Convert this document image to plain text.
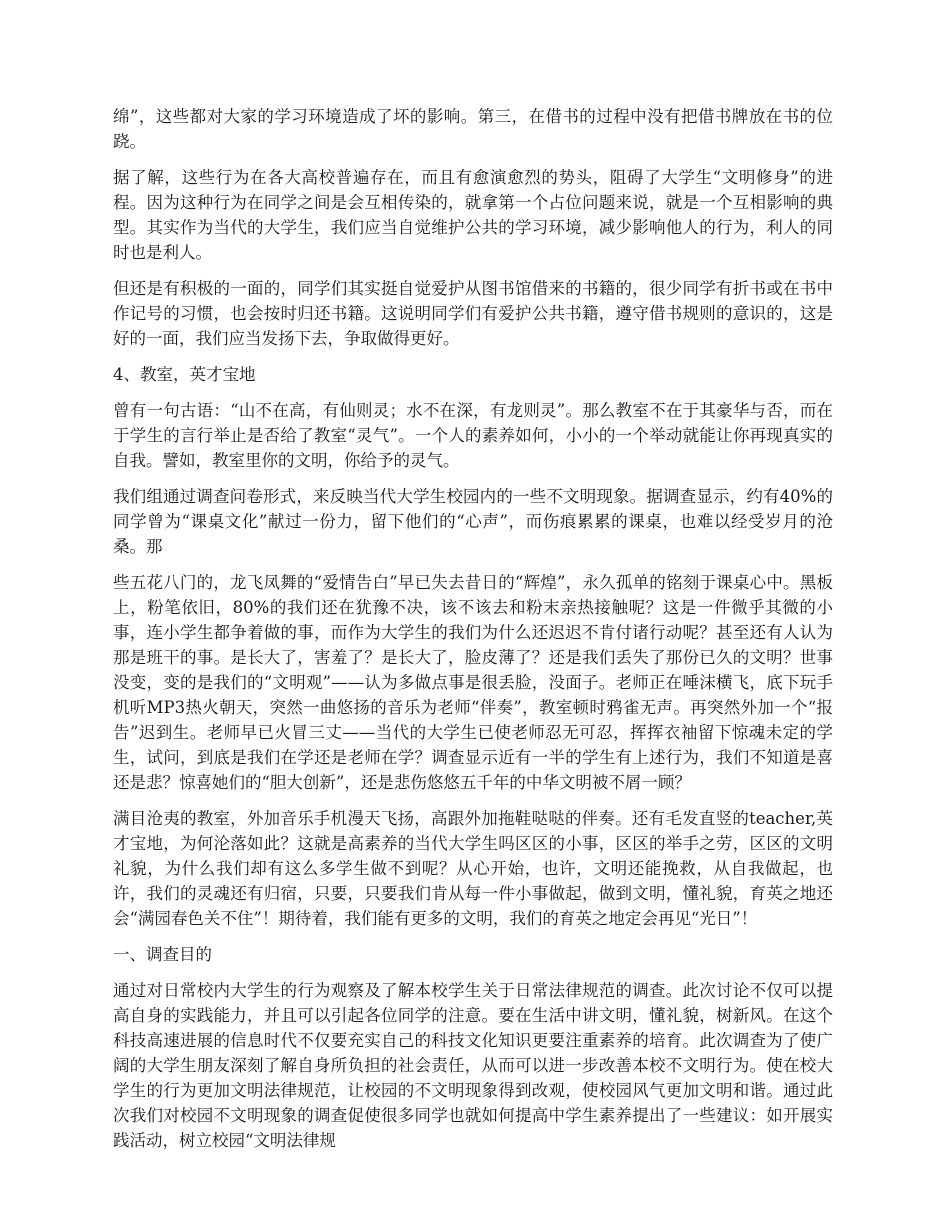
绵”，这些都对大家的学习环境造成了坏的影响。第三，在借书的过程中没有把借书牌放在书的位跷。

据了解，这些行为在各大高校普遍存在，而且有愈演愈烈的势头，阻碍了大学生“文明修身”的进程。因为这种行为在同学之间是会互相传染的，就拿第一个占位问题来说，就是一个互相影响的典型。其实作为当代的大学生，我们应当自觉维护公共的学习环境，减少影响他人的行为，利人的同时也是利人。

但还是有积极的一面的，同学们其实挺自觉爱护从图书馆借来的书籍的，很少同学有折书或在书中作记号的习惯，也会按时归还书籍。这说明同学们有爱护公共书籍，遵守借书规则的意识的，这是好的一面，我们应当发扬下去，争取做得更好。

4、教室，英才宝地

曾有一句古语：“山不在高，有仙则灵；水不在深，有龙则灵”。那么教室不在于其豪华与否，而在于学生的言行举止是否给了教室“灵气”。一个人的素养如何，小小的一个举动就能让你再现真实的自我。譬如，教室里你的文明，你给予的灵气。

我们组通过调查问卷形式，来反映当代大学生校园内的一些不文明现象。据调查显示，约有40%的同学曾为“课桌文化”献过一份力，留下他们的“心声”，而伤痕累累的课桌，也难以经受岁月的沧桑。那

些五花八门的，龙飞凤舞的“爱情告白”早已失去昔日的“辉煌”，永久孤单的铭刻于课桌心中。黑板上，粉笔依旧，80%的我们还在犹豫不决，该不该去和粉末亲热接触呢？这是一件微乎其微的小事，连小学生都争着做的事，而作为大学生的我们为什么还迟迟不肯付诸行动呢？甚至还有人认为那是班干的事。是长大了，害羞了？是长大了，脸皮薄了？还是我们丢失了那份已久的文明？世事没变，变的是我们的“文明观”——认为多做点事是很丢脸，没面子。老师正在唾沫横飞，底下玩手机听MP3热火朝天，突然一曲悠扬的音乐为老师“伴奏”，教室顿时鸦雀无声。再突然外加一个“报告”迟到生。老师早已火冒三丈——当代的大学生已使老师忍无可忍，挥挥衣袖留下惊魂未定的学生，试问，到底是我们在学还是老师在学？调查显示近有一半的学生有上述行为，我们不知道是喜还是悲？惊喜她们的“胆大创新”，还是悲伤悠悠五千年的中华文明被不屑一顾？

满目沧夷的教室，外加音乐手机漫天飞扬，高跟外加拖鞋哒哒的伴奏。还有毛发直竖的teacher,英才宝地，为何沦落如此？这就是高素养的当代大学生吗区区的小事，区区的举手之劳，区区的文明礼貌，为什么我们却有这么多学生做不到呢？从心开始，也许，文明还能挽救，从自我做起，也许，我们的灵魂还有归宿，只要，只要我们肯从每一件小事做起，做到文明，懂礼貌，育英之地还会“满园春色关不住”！期待着，我们能有更多的文明，我们的育英之地定会再见“光日”！

一、调查目的

通过对日常校内大学生的行为观察及了解本校学生关于日常法律规范的调查。此次讨论不仅可以提高自身的实践能力，并且可以引起各位同学的注意。要在生活中讲文明，懂礼貌，树新风。在这个科技高速进展的信息时代不仅要充实自己的科技文化知识更要注重素养的培育。此次调查为了使广阔的大学生朋友深刻了解自身所负担的社会责任，从而可以进一步改善本校不文明行为。使在校大学生的行为更加文明法律规范，让校园的不文明现象得到改观，使校园风气更加文明和谐。通过此次我们对校园不文明现象的调查促使很多同学也就如何提高中学生素养提出了一些建议：如开展实践活动，树立校园“文明法律规
